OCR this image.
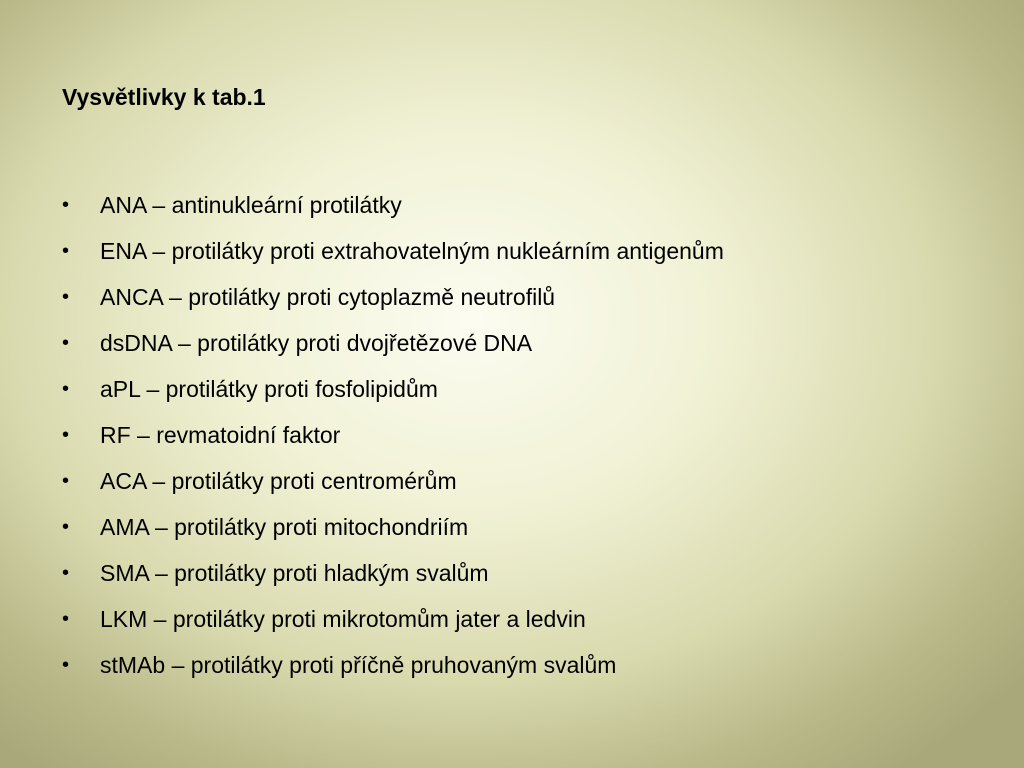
Vysvětlivky k tab.1
• ANA – antinukleární protilátky
• ENA – protilátky proti extrahovatelným nukleárním antigenům
• ANCA – protilátky proti cytoplazmě neutrofilů
• dsDNA – protilátky proti dvojřetězové DNA
• aPL – protilátky proti fosfolipidům
• RF – revmatoidní faktor
• ACA – protilátky proti centromérům
• AMA – protilátky proti mitochondriím
• SMA – protilátky proti hladkým svalům
• LKM – protilátky proti mikrotomům jater a ledvin
• stMAb – protilátky proti příčně pruhovaným svalům
